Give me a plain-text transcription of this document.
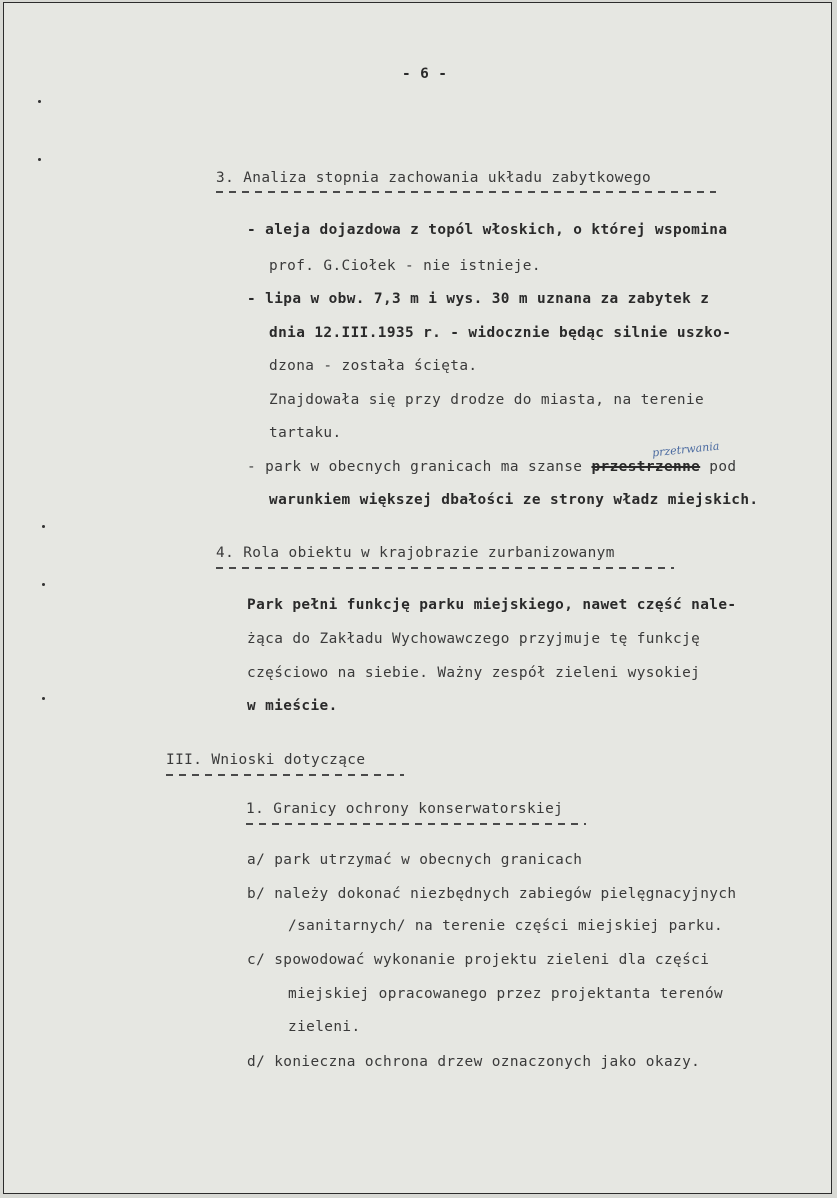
- 6 -
3. Analiza stopnia zachowania układu zabytkowego
- aleja dojazdowa z topól włoskich, o której wspomina
prof. G.Ciołek - nie istnieje.
- lipa w obw. 7,3 m i wys. 30 m uznana za zabytek z
dnia 12.III.1935 r. - widocznie będąc silnie uszko-
dzona - została ścięta.
Znajdowała się przy drodze do miasta, na terenie
tartaku.
przetrwania
- park w obecnych granicach ma szanse przestrzenne pod
warunkiem większej dbałości ze strony władz miejskich.
4. Rola obiektu w krajobrazie zurbanizowanym
Park pełni funkcję parku miejskiego, nawet część nale-
żąca do Zakładu Wychowawczego przyjmuje tę funkcję
częściowo na siebie. Ważny zespół zieleni wysokiej
w mieście.
III. Wnioski dotyczące
1. Granicy ochrony konserwatorskiej
a/ park utrzymać w obecnych granicach
b/ należy dokonać niezbędnych zabiegów pielęgnacyjnych
/sanitarnych/ na terenie części miejskiej parku.
c/ spowodować wykonanie projektu zieleni dla części
miejskiej opracowanego przez projektanta terenów
zieleni.
d/ konieczna ochrona drzew oznaczonych jako okazy.
